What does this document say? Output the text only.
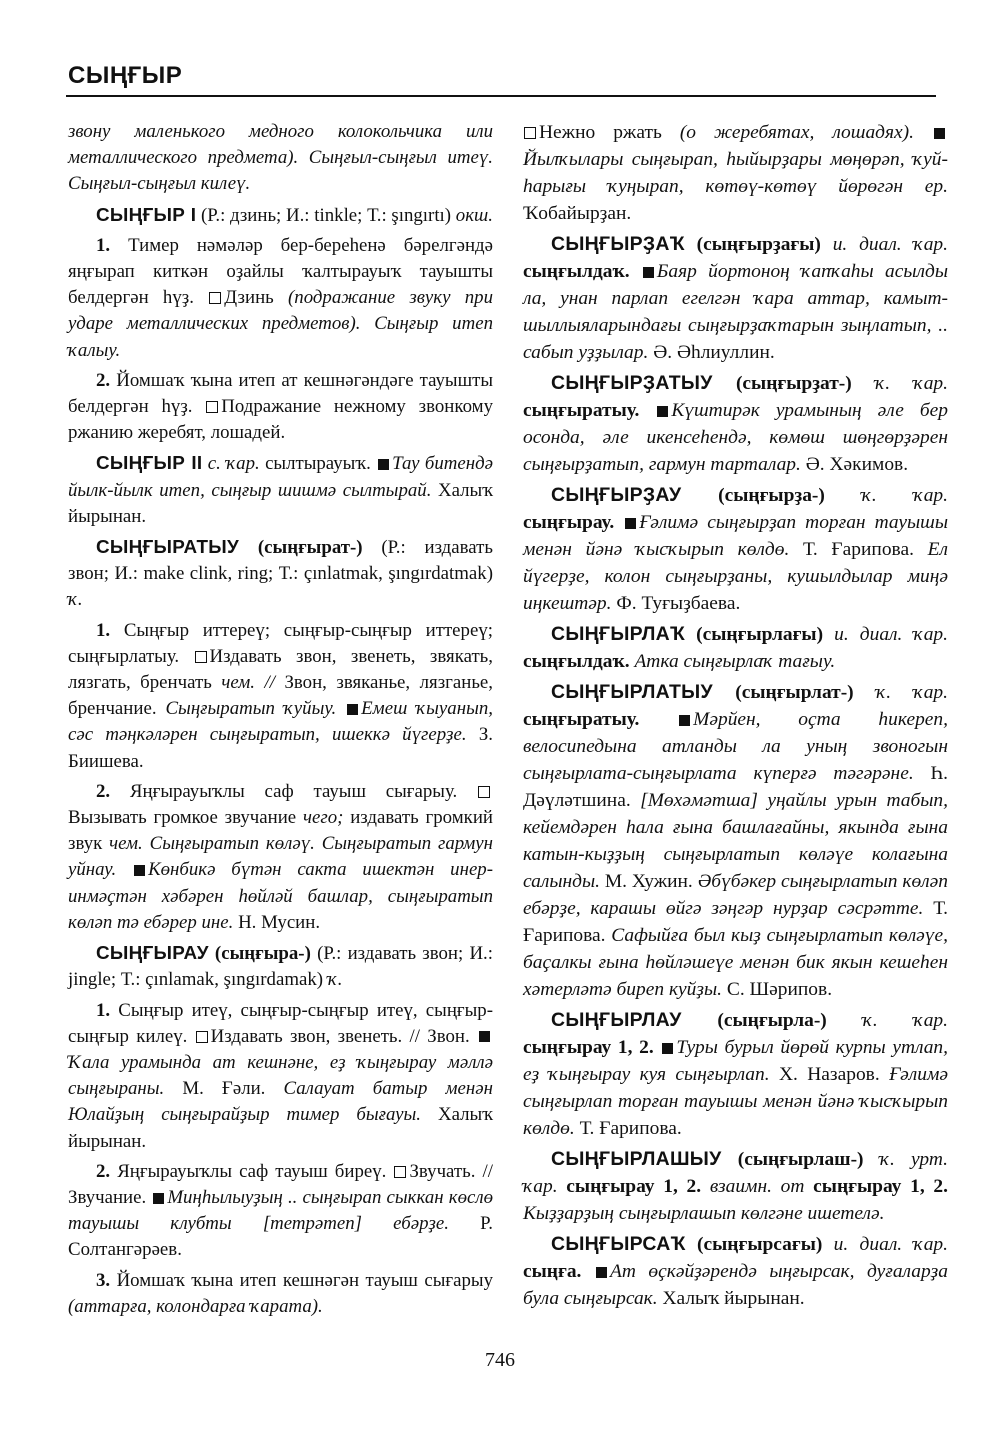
СЫҢҒЫР

звону маленького медного колокольчика или металлического предмета). Сыңғыл-сыңғыл итеү. Сыңғыл-сыңғыл килеү.

СЫҢҒЫР I (Р.: дзинь; И.: tinkle; Т.: şıngırtı) окш.

1. Тимер нәмәләр бер-береһенә бәрелгәндә яңғырап киткән оҙайлы ҡалтырауыҡ тауышты белдергән һүҙ. Дзинь (подражание звуку при ударе металлических предметов). Сыңғыр итеп ҡалыу.

2. Йомшаҡ ҡына итеп ат кешнәгәндәге тауышты белдергән һүҙ. Подражание нежному звонкому ржанию жеребят, лошадей.

СЫҢҒЫР II с. ҡар. сылтырауыҡ. Тау битендә йылк-йылк итеп, сыңғыр шишмә сылтырай. Халыҡ йырынан.

СЫҢҒЫРАТЫУ (сыңғырат-) (Р.: издавать звон; И.: make clink, ring; Т.: çınlatmak, şıngırdatmak) ҡ.

1. Сыңғыр иттереү; сыңғыр-сыңғыр иттереү; сыңғырлатыу. Издавать звон, звенеть, звякать, лязгать, бренчать чем. // Звон, звяканье, лязганье, бренчание. Сыңғыратып ҡуйыу. Емеш ҡыуанып, сәс тәңкәләрен сыңғыратып, ишеккә йүгерҙе. З. Биишева.

2. Яңғырауыҡлы саф тауыш сығарыу. Вызывать громкое звучание чего; издавать громкий звук чем. Сыңғыратып көләү. Сыңғыратып гармун уйнау. Көнбикә бүтән сакта ишектән инер-инмәҫтән хәбәрен һөйләй башлар, сыңғыратып көләп тә ебәрер ине. Н. Мусин.

СЫҢҒЫРАУ (сыңғыра-) (Р.: издавать звон; И.: jingle; Т.: çınlamak, şıngırdamak) ҡ.

1. Сыңғыр итеү, сыңғыр-сыңғыр итеү, сыңғыр-сыңғыр килеү. Издавать звон, звенеть. // Звон. Ҡала урамында ат кешнәне, еҙ ҡыңғырау мәллә сыңғыраны. М. Ғәли. Салауат батыр менән Юлайҙың сыңғырайҙыр тимер бығауы. Халыҡ йырынан.

2. Яңғырауыҡлы саф тауыш биреү. Звучать. // Звучание. Миңһылыуҙың .. сыңғырап сыккан көслө тауышы клубты [тетрәтеп] ебәрҙе. Р. Солтангәрәев.

3. Йомшаҡ ҡына итеп кешнәгән тауыш сығарыу (аттарға, колондарға ҡарата).

Нежно ржать (о жеребятах, лошадях). Йылҡылары сыңғырап, һыйырҙары мөңөрәп, ҡуй-һарығы ҡуңырап, көтөү-көтөү йөрөгән ер. Ҡобайырҙан.

СЫҢҒЫРҘАҠ (сыңғырҙағы) и. диал. ҡар. сыңғылдаҡ. Баяр йортоноң ҡапҡаһы асылды ла, унан парлап егелгән ҡара аттар, камыт-шыллыяларындағы сыңғырҙаҡтарын зыңлатып, .. сабып уҙҙылар. Ә. Әһлиуллин.

СЫҢҒЫРҘАТЫУ (сыңғырҙат-) ҡ. ҡар. сыңғыратыу. Күштирәк урамының әле бер осонда, әле икенсеһендә, көмөш шөңгөрҙәрен сыңғырҙатып, гармун тарталар. Ә. Хәкимов.

СЫҢҒЫРҘАУ (сыңғырҙа-) ҡ. ҡар. сыңғырау. Ғәлимә сыңғырҙап торған тауышы менән йәнә ҡысҡырып көлдө. Т. Ғарипова. Ел йүгерҙе, колон сыңғырҙаны, кушылдылар миңә иңкештәр. Ф. Туғыҙбаева.

СЫҢҒЫРЛАҠ (сыңғырлағы) и. диал. ҡар. сыңғылдаҡ. Атка сыңғырлаҡ тағыу.

СЫҢҒЫРЛАТЫУ (сыңғырлат-) ҡ. ҡар. сыңғыратыу. Мәрйен, оҫта һикереп, велосипедына атланды ла уның звоногын сыңғырлата-сыңғырлата күперғә тәгәрәне. Һ. Дәүләтшина. [Мөхәмәтша] уңайлы урын табып, кейемдәрен һала ғына башлағайны, якында ғына катын-кыҙҙың сыңғырлатып көләүе колағына салынды. М. Хужин. Әбүбәкер сыңғырлатып көләп ебәрҙе, карашы өйгә зәңгәр нурҙар сәсрәтте. Т. Ғарипова. Сафыйға был кыҙ сыңғырлатып көләүе, баҫалкы ғына һөйләшеүе менән бик якын кешеһен хәтерләтә биреп куйҙы. С. Шәрипов.

СЫҢҒЫРЛАУ (сыңғырла-) ҡ. ҡар. сыңғырау 1, 2. Туры бурыл йөрөй курпы утлап, еҙ ҡыңғырау куя сыңғырлап. Х. Назаров. Ғәлимә сыңғырлап торған тауышы менән йәнә ҡысҡырып көлдө. Т. Ғарипова.

СЫҢҒЫРЛАШЫУ (сыңғырлаш-) ҡ. урт. ҡар. сыңғырау 1, 2. взаимн. от сыңғырау 1, 2. Кыҙҙарҙың сыңғырлашып көлгәне ишетелә.

СЫҢҒЫРСАҠ (сыңғырсағы) и. диал. ҡар. сыңға. Ат өҫкәйҙәрендә ыңғырсак, дуғаларҙа була сыңғырсак. Халыҡ йырынан.

746
